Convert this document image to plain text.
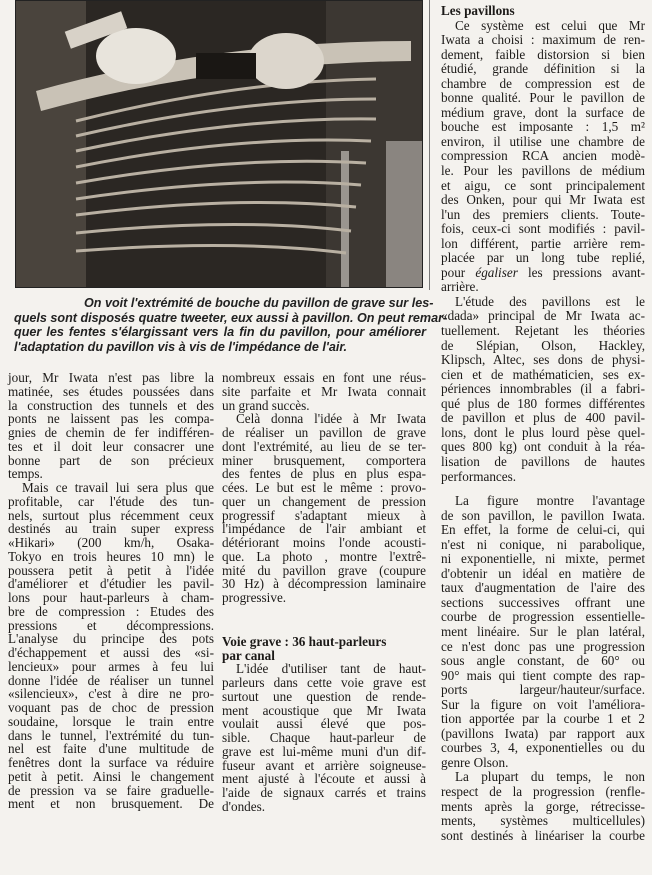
On voit l'extrémité de bouche du pavillon de grave sur les-
quels sont disposés quatre tweeter, eux aussi à pavillon. On peut remar-
quer les fentes s'élargissant vers la fin du pavillon, pour améliorer
l'adaptation du pavillon vis à vis de l'impédance de l'air.
jour, Mr Iwata n'est pas libre la
matinée, ses études poussées dans
la construction des tunnels et des
ponts ne laissent pas les compa-
gnies de chemin de fer indifféren-
tes et il doit leur consacrer une
bonne part de son précieux
temps.
Mais ce travail lui sera plus que
profitable, car l'étude des tun-
nels, surtout plus récemment ceux
destinés au train super express
«Hikari» (200 km/h, Osaka-
Tokyo en trois heures 10 mn) le
poussera petit à petit à l'idée
d'améliorer et d'étudier les pavil-
lons pour haut-parleurs à cham-
bre de compression : Etudes des
pressions et décompressions.
L'analyse du principe des pots
d'échappement et aussi des «si-
lencieux» pour armes à feu lui
donne l'idée de réaliser un tunnel
«silencieux», c'est à dire ne pro-
voquant pas de choc de pression
soudaine, lorsque le train entre
dans le tunnel, l'extrémité du tun-
nel est faite d'une multitude de
fenêtres dont la surface va réduire
petit à petit. Ainsi le changement
de pression va se faire graduelle-
ment et non brusquement. De
nombreux essais en font une réus-
site parfaite et Mr Iwata connait
un grand succès.
Celà donna l'idée à Mr Iwata
de réaliser un pavillon de grave
dont l'extrémité, au lieu de se ter-
miner brusquement, comportera
des fentes de plus en plus espa-
cées. Le but est le même : provo-
quer un changement de pression
progressif s'adaptant mieux à
l'impédance de l'air ambiant et
détériorant moins l'onde acousti-
que. La photo , montre l'extrê-
mité du pavillon grave (coupure
30 Hz) à décompression laminaire
progressive.
Voie grave : 36 haut-parleurs
par canal
L'idée d'utiliser tant de haut-
parleurs dans cette voie grave est
surtout une question de rende-
ment acoustique que Mr Iwata
voulait aussi élevé que pos-
sible. Chaque haut-parleur de
grave est lui-même muni d'un dif-
fuseur avant et arrière soigneuse-
ment ajusté à l'écoute et aussi à
l'aide de signaux carrés et trains
d'ondes.
Les pavillons
Ce système est celui que Mr
Iwata a choisi : maximum de ren-
dement, faible distorsion si bien
étudié, grande définition si la
chambre de compression est de
bonne qualité. Pour le pavillon de
médium grave, dont la surface de
bouche est imposante : 1,5 m²
environ, il utilise une chambre de
compression RCA ancien modè-
le. Pour les pavillons de médium
et aigu, ce sont principalement
des Onken, pour qui Mr Iwata est
l'un des premiers clients. Toute-
fois, ceux-ci sont modifiés : pavil-
lon différent, partie arrière rem-
placée par un long tube replié,
pour égaliser les pressions avant-
arrière.
L'étude des pavillons est le
«dada» principal de Mr Iwata ac-
tuellement. Rejetant les théories
de Slépian, Olson, Hackley,
Klipsch, Altec, ses dons de physi-
cien et de mathématicien, ses ex-
périences innombrables (il a fabri-
qué plus de 180 formes différentes
de pavillon et plus de 400 pavil-
lons, dont le plus lourd pèse quel-
ques 800 kg) ont conduit à la réa-
lisation de pavillons de hautes
performances.
La figure montre l'avantage
de son pavillon, le pavillon Iwata.
En effet, la forme de celui-ci, qui
n'est ni conique, ni parabolique,
ni exponentielle, ni mixte, permet
d'obtenir un idéal en matière de
taux d'augmentation de l'aire des
sections successives offrant une
courbe de progression essentielle-
ment linéaire. Sur le plan latéral,
ce n'est donc pas une progression
sous angle constant, de 60° ou
90° mais qui tient compte des rap-
ports largeur/hauteur/surface.
Sur la figure on voit l'améliora-
tion apportée par la courbe 1 et 2
(pavillons Iwata) par rapport aux
courbes 3, 4, exponentielles ou du
genre Olson.
La plupart du temps, le non
respect de la progression (renfle-
ments après la gorge, rétrecisse-
ments, systèmes multicellules)
sont destinés à linéariser la courbe
